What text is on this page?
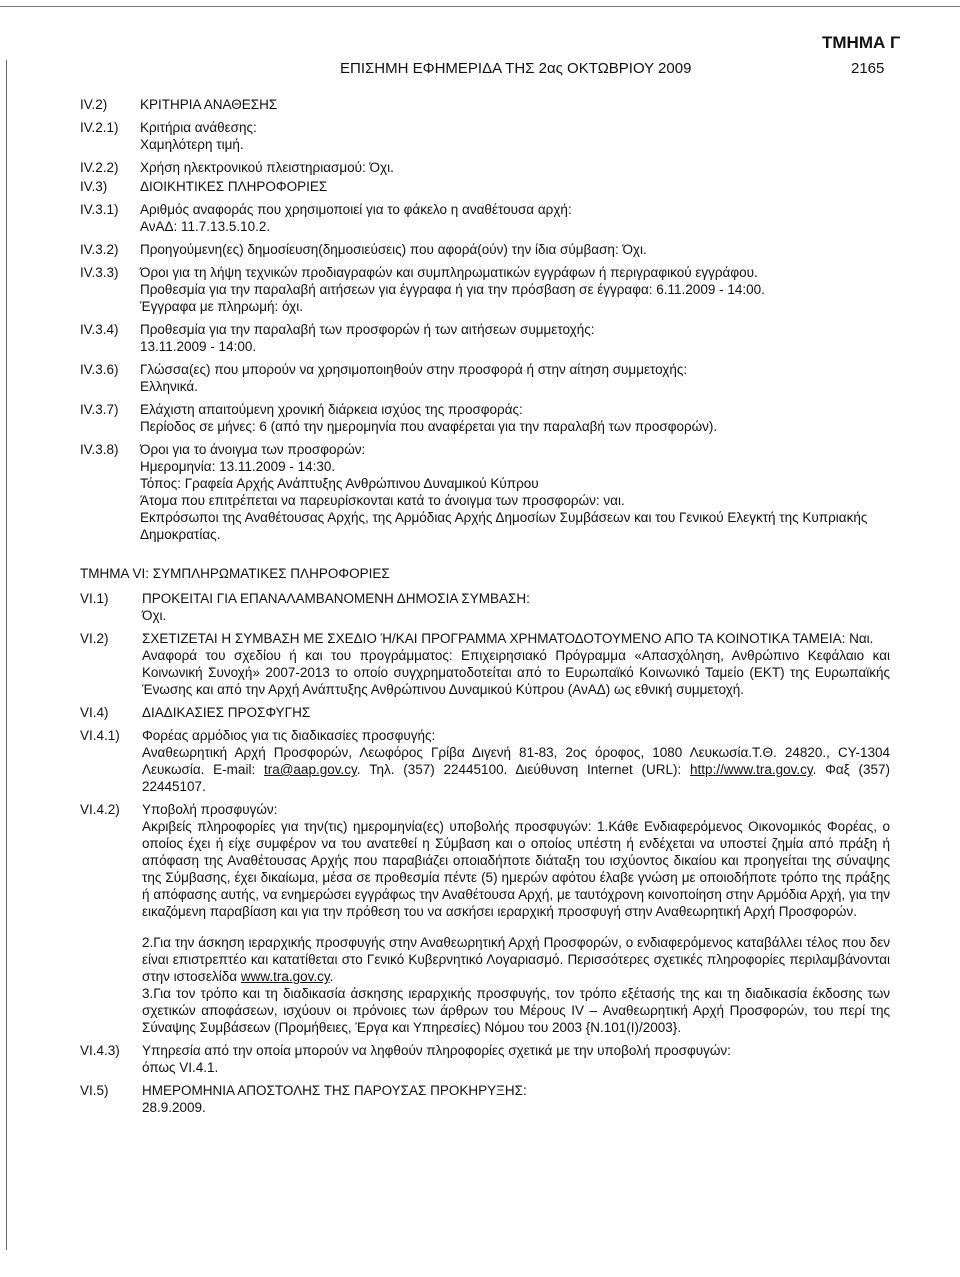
ΤΜΗΜΑ Γ
ΕΠΙΣΗΜΗ ΕΦΗΜΕΡΙΔΑ ΤΗΣ 2ας ΟΚΤΩΒΡΙΟΥ 2009	2165
IV.2)	ΚΡΙΤΗΡΙΑ ΑΝΑΘΕΣΗΣ
IV.2.1)	Κριτήρια ανάθεσης:
Χαμηλότερη τιμή.
IV.2.2)	Χρήση ηλεκτρονικού πλειστηριασμού: Όχι.
IV.3)	ΔΙΟΙΚΗΤΙΚΕΣ ΠΛΗΡΟΦΟΡΙΕΣ
IV.3.1)	Αριθμός αναφοράς που χρησιμοποιεί για το φάκελο η αναθέτουσα αρχή:
ΑνΑΔ: 11.7.13.5.10.2.
IV.3.2)	Προηγούμενη(ες) δημοσίευση(δημοσιεύσεις) που αφορά(ούν) την ίδια σύμβαση: Όχι.
IV.3.3)	Όροι για τη λήψη τεχνικών προδιαγραφών και συμπληρωματικών εγγράφων ή περιγραφικού εγγράφου.
Προθεσμία για την παραλαβή αιτήσεων για έγγραφα ή για την πρόσβαση σε έγγραφα: 6.11.2009 - 14:00.
Έγγραφα με πληρωμή: όχι.
IV.3.4)	Προθεσμία για την παραλαβή των προσφορών ή των αιτήσεων συμμετοχής:
13.11.2009 - 14:00.
IV.3.6)	Γλώσσα(ες) που μπορούν να χρησιμοποιηθούν στην προσφορά ή στην αίτηση συμμετοχής:
Ελληνικά.
IV.3.7)	Ελάχιστη απαιτούμενη χρονική διάρκεια ισχύος της προσφοράς:
Περίοδος σε μήνες: 6 (από την ημερομηνία που αναφέρεται για την παραλαβή των προσφορών).
IV.3.8)	Όροι για το άνοιγμα των προσφορών:
Ημερομηνία: 13.11.2009 - 14:30.
Τόπος: Γραφεία Αρχής Ανάπτυξης Ανθρώπινου Δυναμικού Κύπρου
Άτομα που επιτρέπεται να παρευρίσκονται κατά το άνοιγμα των προσφορών: ναι.
Εκπρόσωποι της Αναθέτουσας Αρχής, της Αρμόδιας Αρχής Δημοσίων Συμβάσεων και του Γενικού Ελεγκτή της Κυπριακής Δημοκρατίας.
ΤΜΗΜΑ VI: ΣΥΜΠΛΗΡΩΜΑΤΙΚΕΣ ΠΛΗΡΟΦΟΡΙΕΣ
VI.1)	ΠΡΟΚΕΙΤΑΙ ΓΙΑ ΕΠΑΝΑΛΑΜΒΑΝΟΜΕΝΗ ΔΗΜΟΣΙΑ ΣΥΜΒΑΣΗ:
Όχι.
VI.2)	ΣΧΕΤΙΖΕΤΑΙ Η ΣΥΜΒΑΣΗ ΜΕ ΣΧΕΔΙΟ Ή/ΚΑΙ ΠΡΟΓΡΑΜΜΑ ΧΡΗΜΑΤΟΔΟΤΟΥΜΕΝΟ ΑΠΟ ΤΑ ΚΟΙΝΟΤΙΚΑ ΤΑΜΕΙΑ: Ναι.
Αναφορά του σχεδίου ή και του προγράμματος: Επιχειρησιακό Πρόγραμμα «Απασχόληση, Ανθρώπινο Κεφάλαιο και Κοινωνική Συνοχή» 2007-2013 το οποίο συγχρηματοδοτείται από το Ευρωπαϊκό Κοινωνικό Ταμείο (ΕΚΤ) της Ευρωπαϊκής Ένωσης και από την Αρχή Ανάπτυξης Ανθρώπινου Δυναμικού Κύπρου (ΑνΑΔ) ως εθνική συμμετοχή.
VI.4)	ΔΙΑΔΙΚΑΣΙΕΣ ΠΡΟΣΦΥΓΗΣ
VI.4.1)	Φορέας αρμόδιος για τις διαδικασίες προσφυγής:
Αναθεωρητική Αρχή Προσφορών, Λεωφόρος Γρίβα Διγενή 81-83, 2ος όροφος, 1080 Λευκωσία.Τ.Θ. 24820., CY-1304 Λευκωσία. E-mail: tra@aap.gov.cy. Τηλ. (357) 22445100. Διεύθυνση Internet (URL): http://www.tra.gov.cy. Φαξ (357) 22445107.
VI.4.2)	Υποβολή προσφυγών:
Ακριβείς πληροφορίες για την(τις) ημερομηνία(ες) υποβολής προσφυγών: 1.Κάθε Ενδιαφερόμενος Οικονομικός Φορέας, ο οποίος έχει ή είχε συμφέρον να του ανατεθεί η Σύμβαση και ο οποίος υπέστη ή ενδέχεται να υποστεί ζημία από πράξη ή απόφαση της Αναθέτουσας Αρχής που παραβιάζει οποιαδήποτε διάταξη του ισχύοντος δικαίου και προηγείται της σύναψης της Σύμβασης, έχει δικαίωμα, μέσα σε προθεσμία πέντε (5) ημερών αφότου έλαβε γνώση με οποιοδήποτε τρόπο της πράξης ή απόφασης αυτής, να ενημερώσει εγγράφως την Αναθέτουσα Αρχή, με ταυτόχρονη κοινοποίηση στην Αρμόδια Αρχή, για την εικαζόμενη παραβίαση και για την πρόθεση του να ασκήσει ιεραρχική προσφυγή στην Αναθεωρητική Αρχή Προσφορών.
2.Για την άσκηση ιεραρχικής προσφυγής στην Αναθεωρητική Αρχή Προσφορών, ο ενδιαφερόμενος καταβάλλει τέλος που δεν είναι επιστρεπτέο και κατατίθεται στο Γενικό Κυβερνητικό Λογαριασμό. Περισσότερες σχετικές πληροφορίες περιλαμβάνονται στην ιστοσελίδα www.tra.gov.cy.
3.Για τον τρόπο και τη διαδικασία άσκησης ιεραρχικής προσφυγής, τον τρόπο εξέτασής της και τη διαδικασία έκδοσης των σχετικών αποφάσεων, ισχύουν οι πρόνοιες των άρθρων του Μέρους IV – Αναθεωρητική Αρχή Προσφορών, του περί της Σύναψης Συμβάσεων (Προμήθειες, Έργα και Υπηρεσίες) Νόμου του 2003 {Ν.101(Ι)/2003}.
VI.4.3)	Υπηρεσία από την οποία μπορούν να ληφθούν πληροφορίες σχετικά με την υποβολή προσφυγών:
όπως VI.4.1.
VI.5)	ΗΜΕΡΟΜΗΝΙΑ ΑΠΟΣΤΟΛΗΣ ΤΗΣ ΠΑΡΟΥΣΑΣ ΠΡΟΚΗΡΥΞΗΣ:
28.9.2009.
